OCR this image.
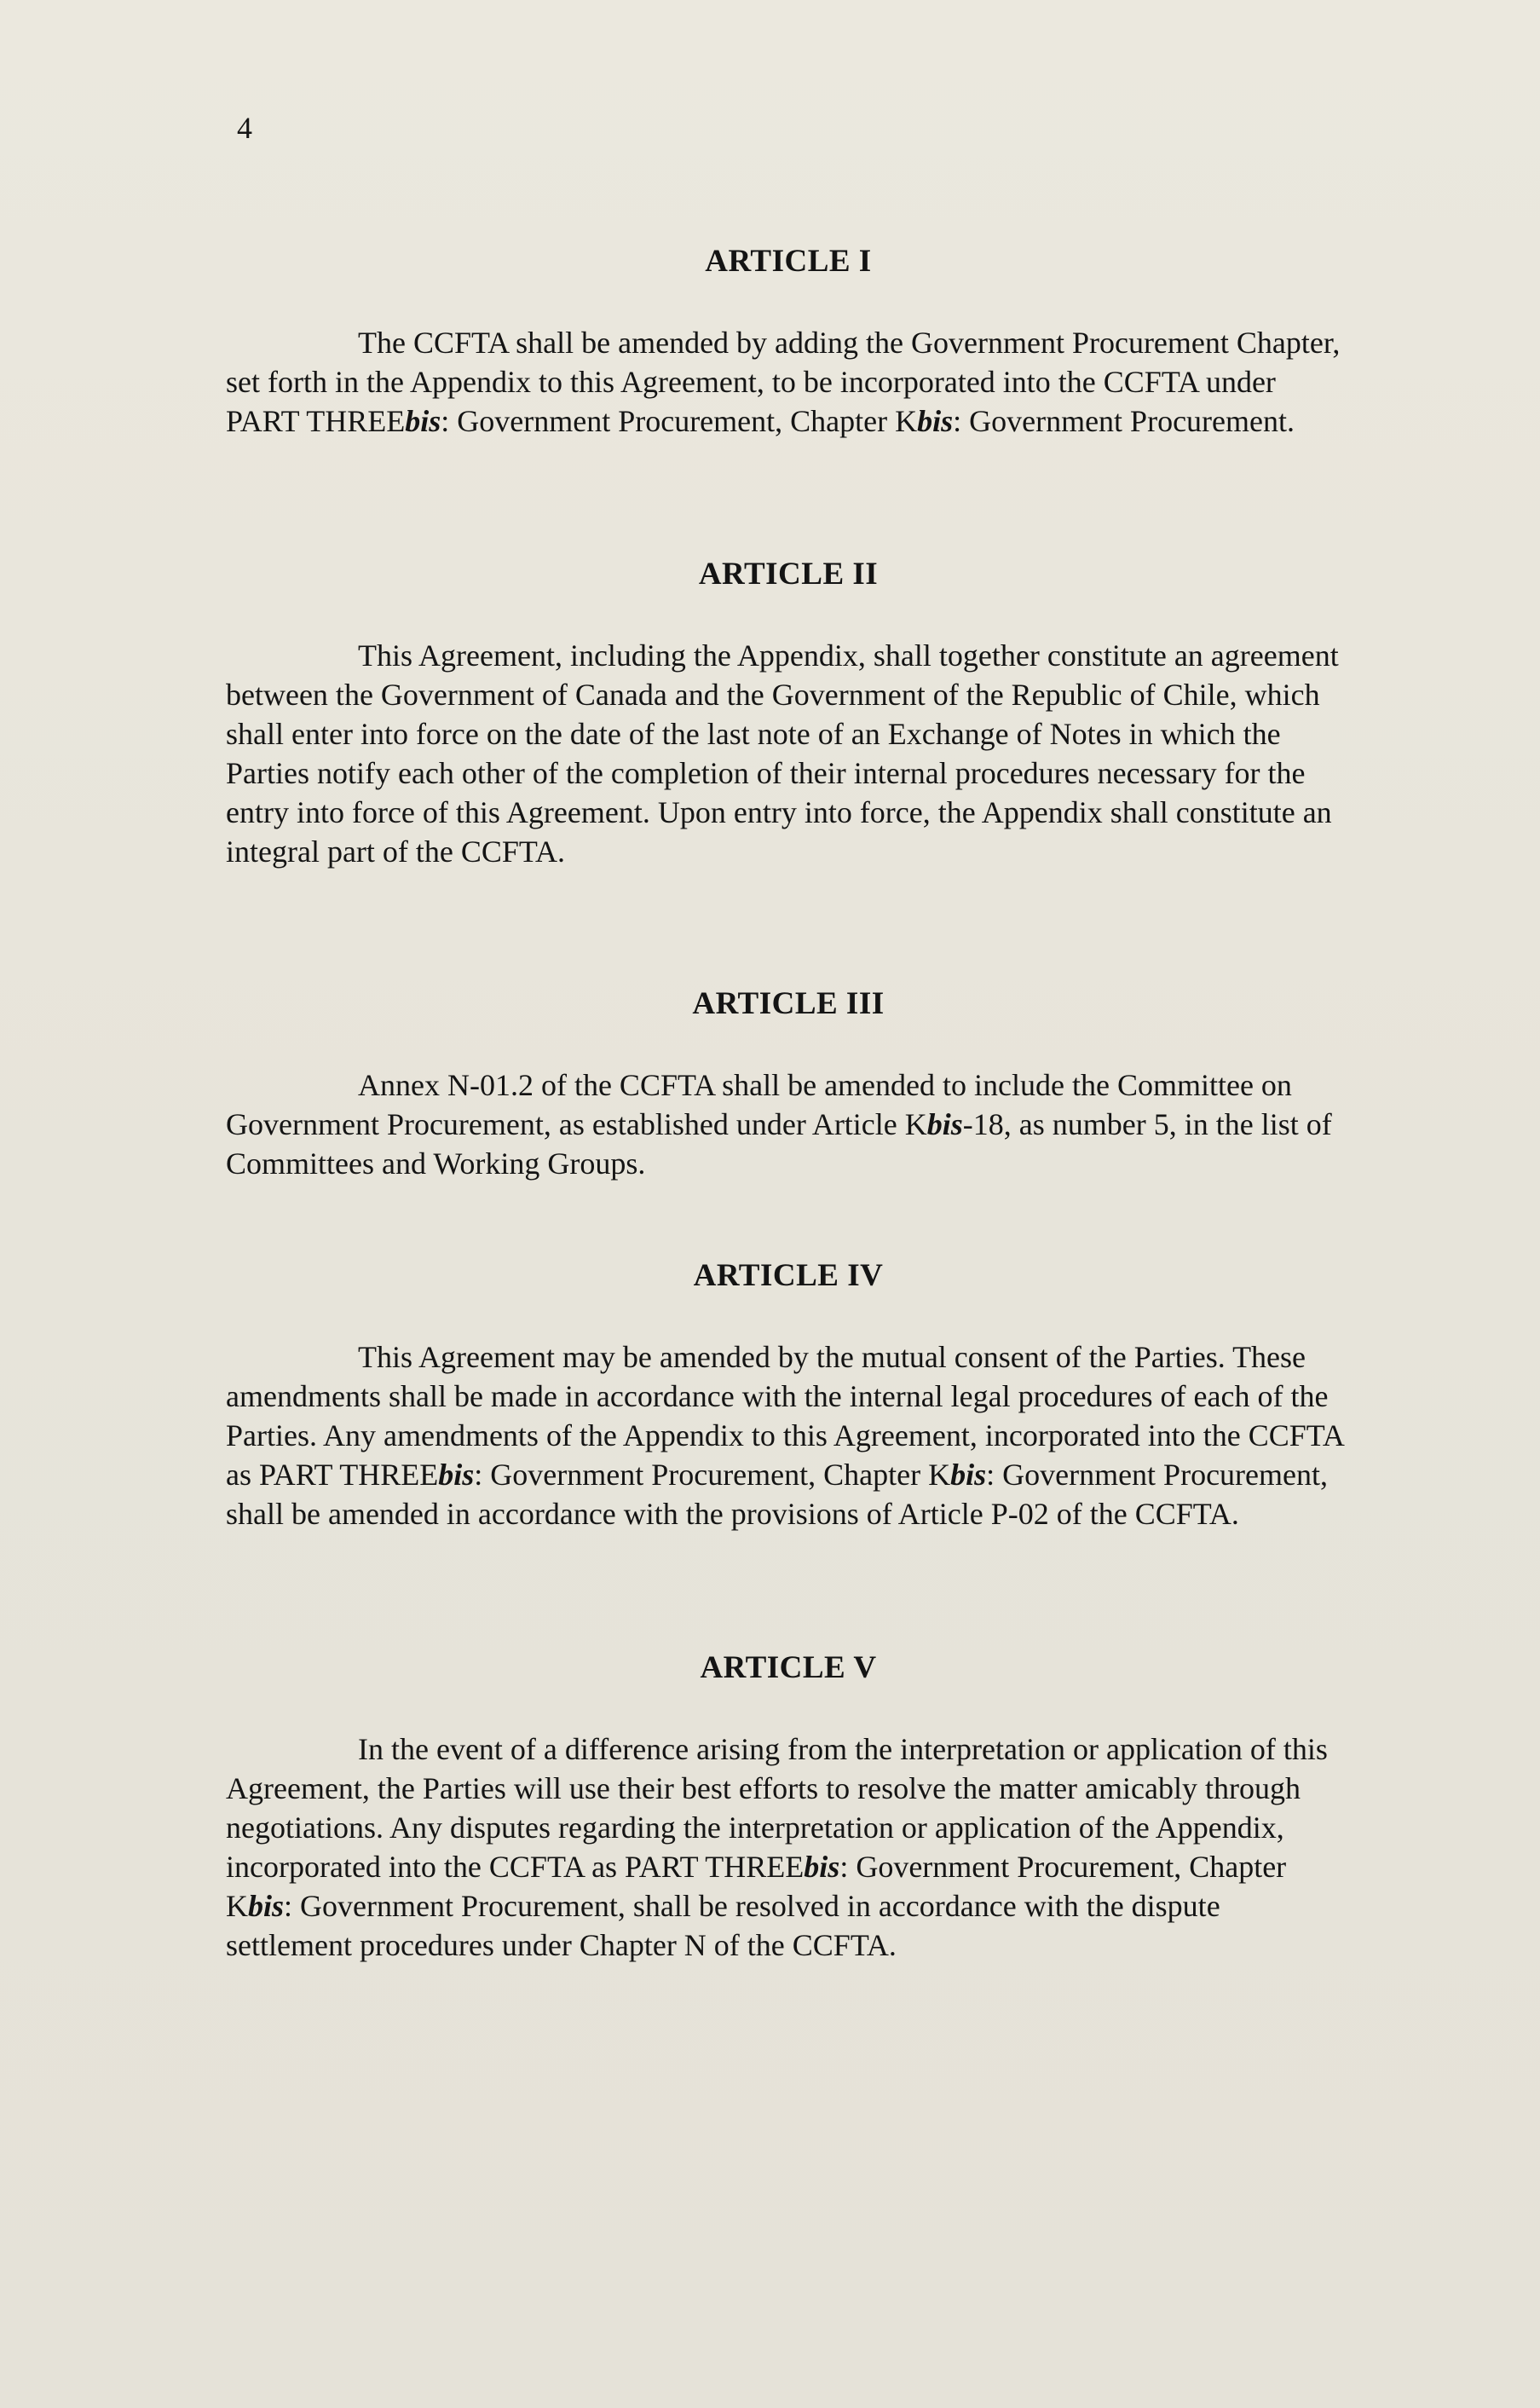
4
ARTICLE I

The CCFTA shall be amended by adding the Government Procurement Chapter, set forth in the Appendix to this Agreement, to be incorporated into the CCFTA under PART THREEbis: Government Procurement, Chapter Kbis: Government Procurement.

ARTICLE II

This Agreement, including the Appendix, shall together constitute an agreement between the Government of Canada and the Government of the Republic of Chile, which shall enter into force on the date of the last note of an Exchange of Notes in which the Parties notify each other of the completion of their internal procedures necessary for the entry into force of this Agreement. Upon entry into force, the Appendix shall constitute an integral part of the CCFTA.

ARTICLE III

Annex N-01.2 of the CCFTA shall be amended to include the Committee on Government Procurement, as established under Article Kbis-18, as number 5, in the list of Committees and Working Groups.

ARTICLE IV

This Agreement may be amended by the mutual consent of the Parties. These amendments shall be made in accordance with the internal legal procedures of each of the Parties. Any amendments of the Appendix to this Agreement, incorporated into the CCFTA as PART THREEbis: Government Procurement, Chapter Kbis: Government Procurement, shall be amended in accordance with the provisions of Article P-02 of the CCFTA.

ARTICLE V

In the event of a difference arising from the interpretation or application of this Agreement, the Parties will use their best efforts to resolve the matter amicably through negotiations. Any disputes regarding the interpretation or application of the Appendix, incorporated into the CCFTA as PART THREEbis: Government Procurement, Chapter Kbis: Government Procurement, shall be resolved in accordance with the dispute settlement procedures under Chapter N of the CCFTA.
